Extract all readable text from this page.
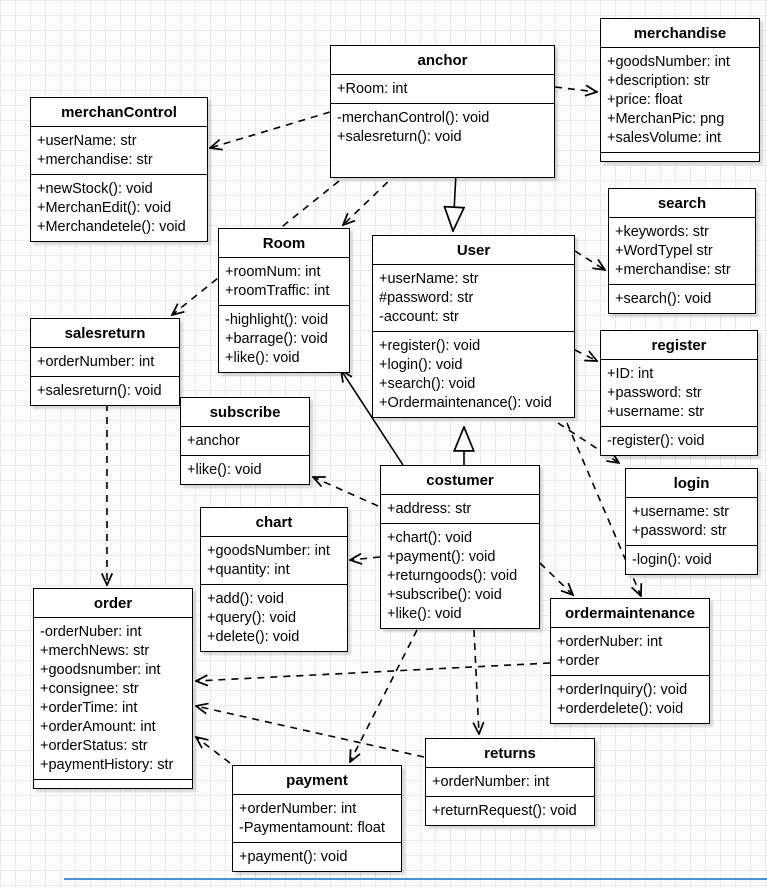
anchor
+Room: int
-merchanControl(): void
+salesreturn(): void
merchandise
+goodsNumber: int
+description: str
+price: float
+MerchanPic: png
+salesVolume: int
merchanControl
+userName: str
+merchandise: str
+newStock(): void
+MerchanEdit(): void
+Merchandetele(): void
Room
+roomNum: int
+roomTraffic: int
-highlight(): void
+barrage(): void
+like(): void
User
+userName: str
#password: str
-account: str
+register(): void
+login(): void
+search(): void
+Ordermaintenance(): void
search
+keywords: str
+WordTypel str
+merchandise: str
+search(): void
register
+ID: int
+password: str
+username: str
-register(): void
salesreturn
+orderNumber: int
+salesreturn(): void
subscribe
+anchor
+like(): void
login
+username: str
+password: str
-login(): void
chart
+goodsNumber: int
+quantity: int
+add(): void
+query(): void
+delete(): void
costumer
+address: str
+chart(): void
+payment(): void
+returngoods(): void
+subscribe(): void
+like(): void
order
-orderNuber: int
+merchNews: str
+goodsnumber: int
+consignee: str
+orderTime: int
+orderAmount: int
+orderStatus: str
+paymentHistory: str
ordermaintenance
+orderNuber: int
+order
+orderInquiry(): void
+orderdelete(): void
returns
+orderNumber: int
+returnRequest(): void
payment
+orderNumber: int
-Paymentamount: float
+payment(): void
